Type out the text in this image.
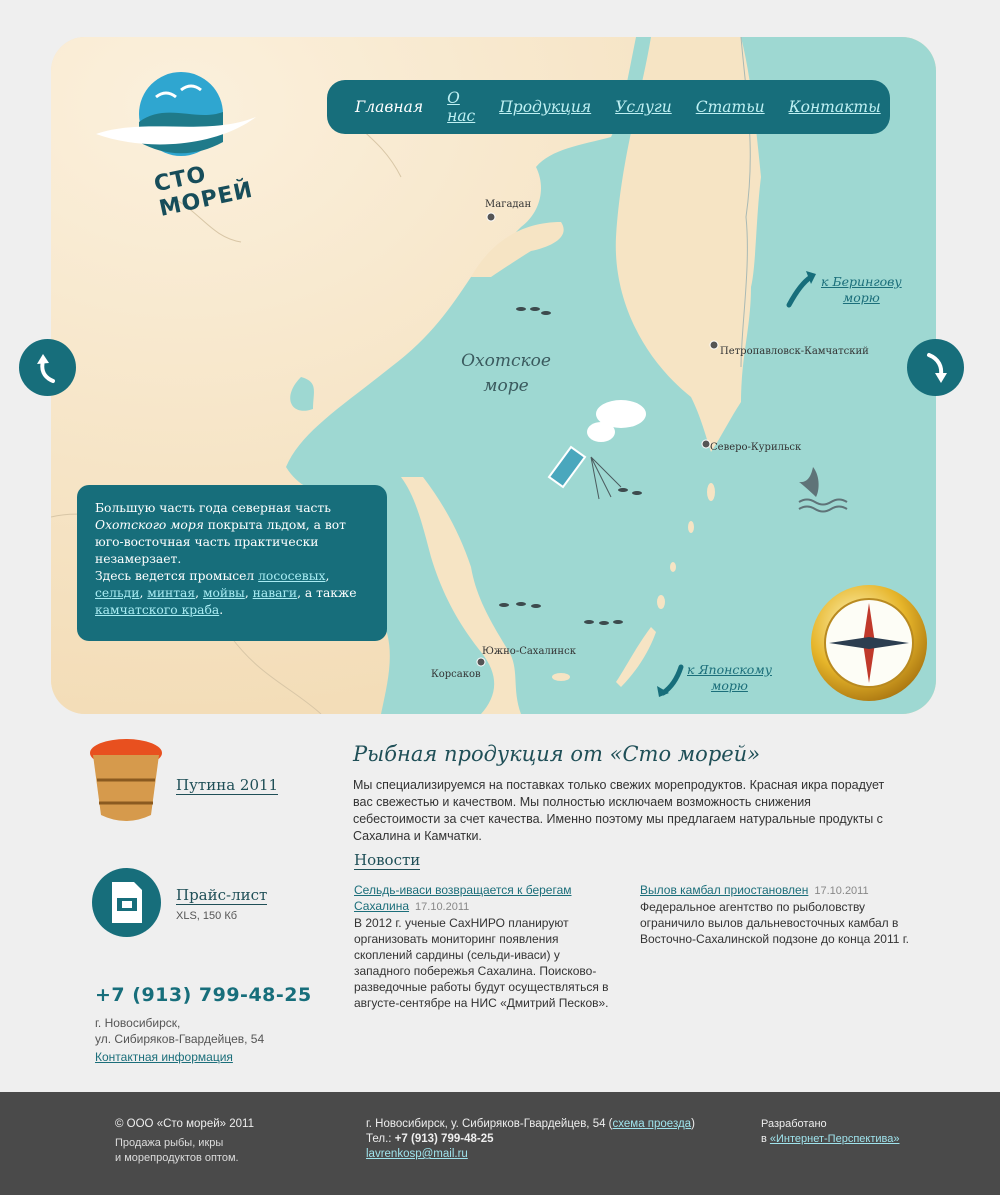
СТО МОРЕЙ
Главная О нас Продукция Услуги Статьи Контакты
Охотское
море
Магадан
Петропавловск-Камчатский
Северо-Курильск
Южно-Сахалинск
Корсаков
к Берингову
морю
к Японскому
морю
Большую часть года северная часть Охотского моря покрыта льдом, а вот юго-восточная часть практически незамерзает.
Здесь ведется промысел лососевых, сельди, минтая, мойвы, наваги, а также камчатского краба.
Путина 2011
Прайс-лист
XLS, 150 Кб
+7 (913) 799-48-25
г. Новосибирск,
ул. Сибиряков-Гвардейцев, 54
Контактная информация
Рыбная продукция от «Сто морей»
Мы специализируемся на поставках только свежих морепродуктов. Красная икра порадует вас свежестью и качеством. Мы полностью исключаем возможность снижения себестоимости за счет качества. Именно поэтому мы предлагаем натуральные продукты с Сахалина и Камчатки.
Новости
Сельдь-иваси возвращается к берегам Сахалина 17.10.2011
В 2012 г. ученые СахНИРО планируют организовать мониторинг появления скоплений сардины (сельди-иваси) у западного побережья Сахалина. Поисково-разведочные работы будут осуществляться в августе-сентябре на НИС «Дмитрий Песков».
Вылов камбал приостановлен 17.10.2011
Федеральное агентство по рыболовству ограничило вылов дальневосточных камбал в Восточно-Сахалинской подзоне до конца 2011 г.
© ООО «Сто морей» 2011
Продажа рыбы, икры
и морепродуктов оптом.
г. Новосибирск, у. Сибиряков-Гвардейцев, 54 (схема проезда)
Тел.: +7 (913) 799-48-25
lavrenkosp@mail.ru
Разработано
в «Интернет-Перспектива»
